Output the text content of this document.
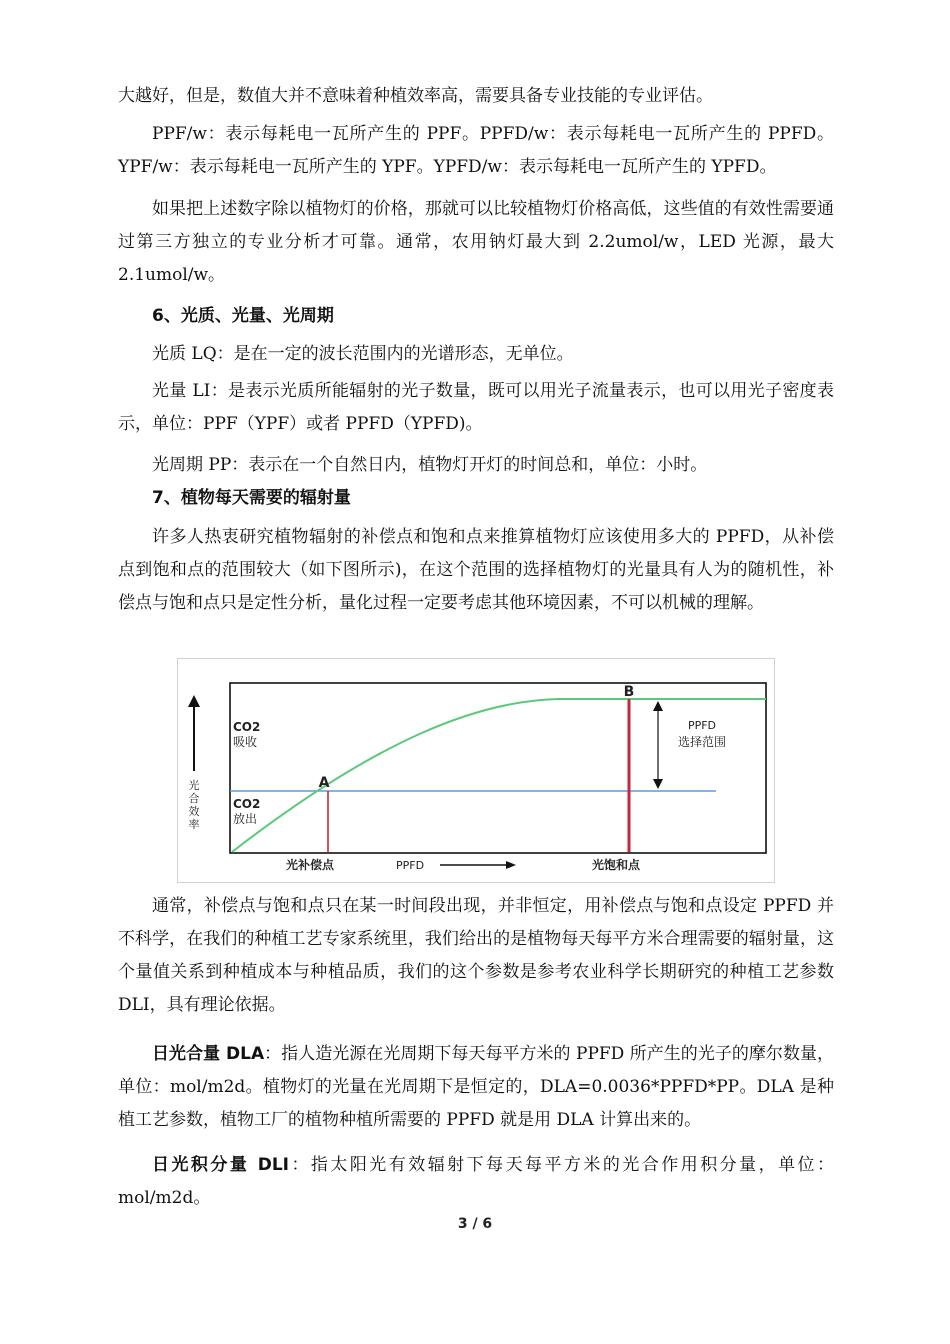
大越好，但是，数值大并不意味着种植效率高，需要具备专业技能的专业评估。

PPF/w：表示每耗电一瓦所产生的 PPF。PPFD/w：表示每耗电一瓦所产生的 PPFD。YPF/w：表示每耗电一瓦所产生的 YPF。YPFD/w：表示每耗电一瓦所产生的 YPFD。

如果把上述数字除以植物灯的价格，那就可以比较植物灯价格高低，这些值的有效性需要通过第三方独立的专业分析才可靠。通常，农用钠灯最大到 2.2umol/w，LED 光源，最大 2.1umol/w。

6、光质、光量、光周期

光质 LQ：是在一定的波长范围内的光谱形态，无单位。

光量 LI：是表示光质所能辐射的光子数量，既可以用光子流量表示，也可以用光子密度表示，单位：PPF（YPF）或者 PPFD（YPFD)。

光周期 PP：表示在一个自然日内，植物灯开灯的时间总和，单位：小时。

7、植物每天需要的辐射量

许多人热衷研究植物辐射的补偿点和饱和点来推算植物灯应该使用多大的 PPFD，从补偿点到饱和点的范围较大（如下图所示)，在这个范围的选择植物灯的光量具有人为的随机性，补偿点与饱和点只是定性分析，量化过程一定要考虑其他环境因素，不可以机械的理解。

光
合
效
率
CO2
吸收
CO2
放出
A
B
PPFD
选择范围
光补偿点	PPFD	光饱和点

通常，补偿点与饱和点只在某一时间段出现，并非恒定，用补偿点与饱和点设定 PPFD 并不科学，在我们的种植工艺专家系统里，我们给出的是植物每天每平方米合理需要的辐射量，这个量值关系到种植成本与种植品质，我们的这个参数是参考农业科学长期研究的种植工艺参数 DLI，具有理论依据。

日光合量 DLA：指人造光源在光周期下每天每平方米的 PPFD 所产生的光子的摩尔数量，单位：mol/m2d。植物灯的光量在光周期下是恒定的，DLA=0.0036*PPFD*PP。DLA 是种植工艺参数，植物工厂的植物种植所需要的 PPFD 就是用 DLA 计算出来的。

日光积分量 DLI：指太阳光有效辐射下每天每平方米的光合作用积分量，单位：mol/m2d。

3 / 6
